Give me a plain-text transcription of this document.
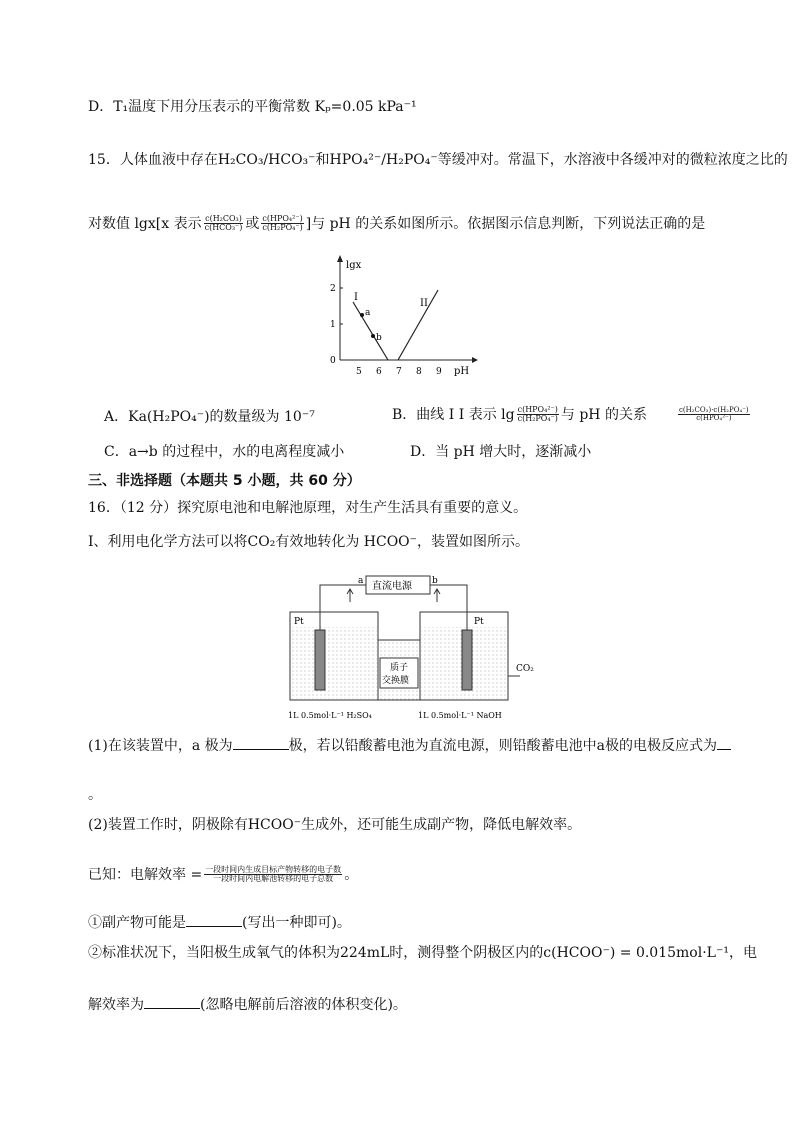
D．T₁温度下用分压表示的平衡常数 Kₚ=0.05 kPa⁻¹
15．人体血液中存在H₂CO₃/HCO₃⁻和HPO₄²⁻/H₂PO₄⁻等缓冲对。常温下，水溶液中各缓冲对的微粒浓度之比的
对数值 lgx[x 表示 $\frac{\text{c(H₂CO₃)}}{\text{c(HCO₃⁻)}}$ 或 $\frac{\text{c(HPO₄²⁻)}}{\text{c(H₂PO₄⁻)}}$ ]与 pH 的关系如图所示。依据图示信息判断，下列说法正确的是
lgx
pH
0
1
2
5 6 7 8 9
I
II
a
b
A．Ka(H₂PO₄⁻)的数量级为 10⁻⁷	B．曲线 I I 表示 $\lg \frac{\text{c(HPO₄²⁻)}}{\text{c(H₂PO₄⁻)}}$ 与 pH 的关系	$\frac{\text{c(H₂CO₃)·c(H₂PO₄⁻)}}{\text{c(HPO₄²⁻)}}$
C．a→b 的过程中，水的电离程度减小	D．当 pH 增大时，逐渐减小
三、非选择题（本题共 5 小题，共 60 分）
16．（12 分）探究原电池和电解池原理，对生产生活具有重要的意义。
I、利用电化学方法可以将CO₂有效地转化为 HCOO⁻，装置如图所示。
直流电源
a	b
Pt	Pt
质子
交换膜
CO₂
1L 0.5mol·L⁻¹ H₂SO₄	1L 0.5mol·L⁻¹ NaOH
(1)在该装置中，a 极为	极，若以铅酸蓄电池为直流电源，则铅酸蓄电池中a极的电极反应式为
。
(2)装置工作时，阴极除有HCOO⁻生成外，还可能生成副产物，降低电解效率。
已知：电解效率 = $\frac{\text{一段时间内生成目标产物转移的电子数}}{\text{一段时间内电解池转移的电子总数}}$ 。
①副产物可能是	(写出一种即可)。
②标准状况下，当阳极生成氧气的体积为224mL时，测得整个阴极区内的c(HCOO⁻) = 0.015mol·L⁻¹，电
解效率为	(忽略电解前后溶液的体积变化)。
